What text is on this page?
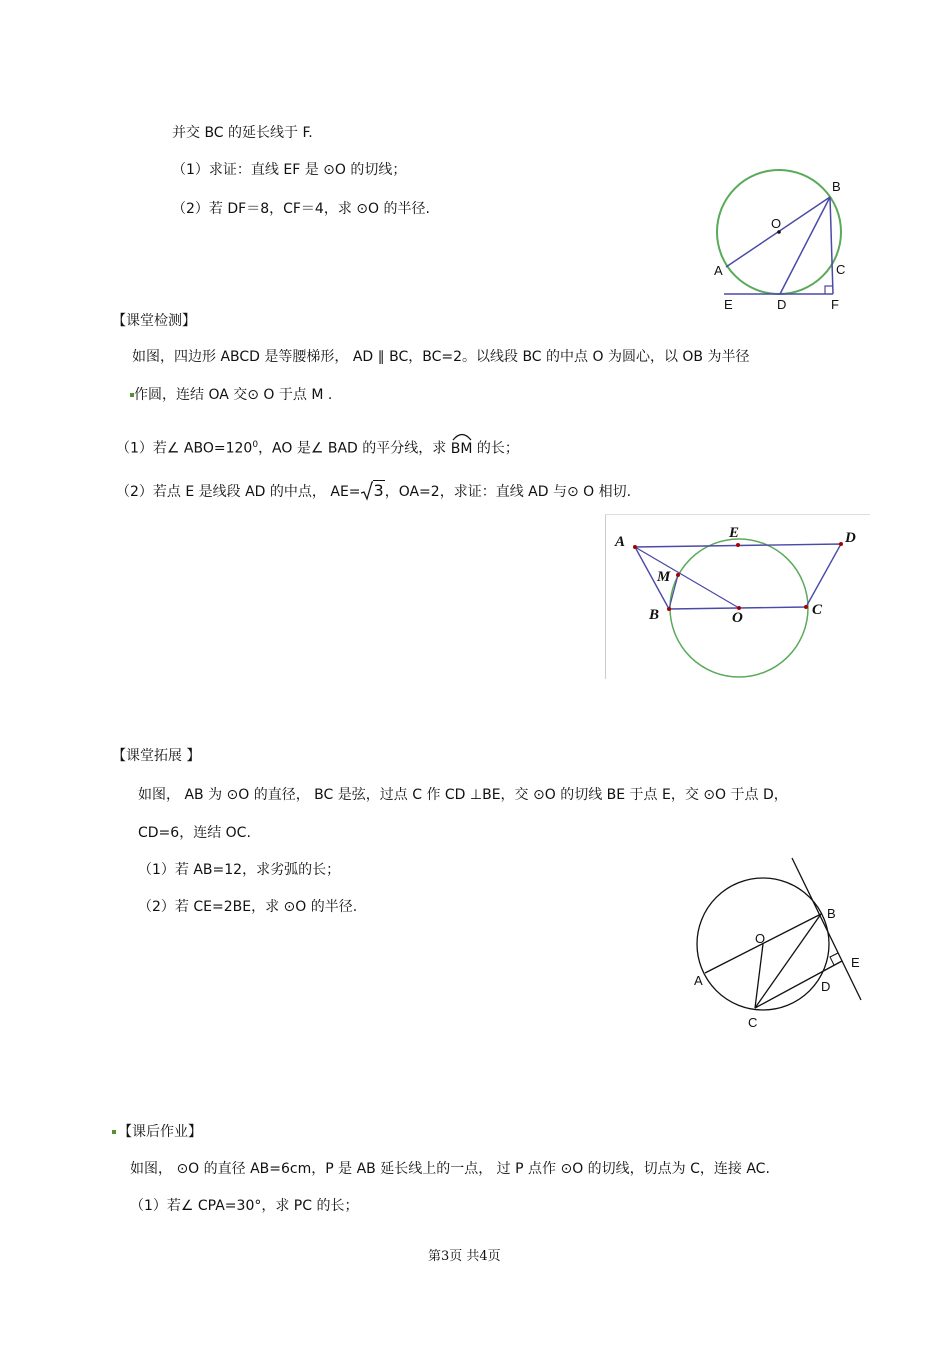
并交 BC 的延长线于 F.
（1）求证：直线 EF 是 ⊙O 的切线；
（2）若 DF＝8，CF＝4，求 ⊙O 的半径.
B
O
A	C
E	D	F
【课堂检测】
如图，四边形 ABCD 是等腰梯形， AD ∥ BC，BC=2。以线段 BC 的中点 O 为圆心，以 OB 为半径
作圆，连结 OA 交⊙ O 于点 M .
（1）若∠ $ABO=120^0$，AO 是∠ BAD 的平分线，求
BM 的长；
（2）若点 E 是线段 AD 的中点， AE= 3，OA=2，求证：直线 AD 与⊙ O 相切.
A
E	D
M
B	O	C
【课堂拓展 】
如图， AB 为 ⊙O 的直径， BC 是弦，过点 C 作 CD ⊥BE，交 ⊙O 的切线 BE 于点 E，交 ⊙O 于点 D，
CD=6，连结 OC.
（1）若 AB=12，求劣弧的长；
（2）若 CE=2BE，求 ⊙O 的半径.	B
O
E
A	D
C
【课后作业】
如图， ⊙O 的直径 AB=6cm，P 是 AB 延长线上的一点， 过 P 点作 ⊙O 的切线，切点为 C，连接 AC.
（1）若∠ CPA=30°，求 PC 的长；
第3页 共4页
